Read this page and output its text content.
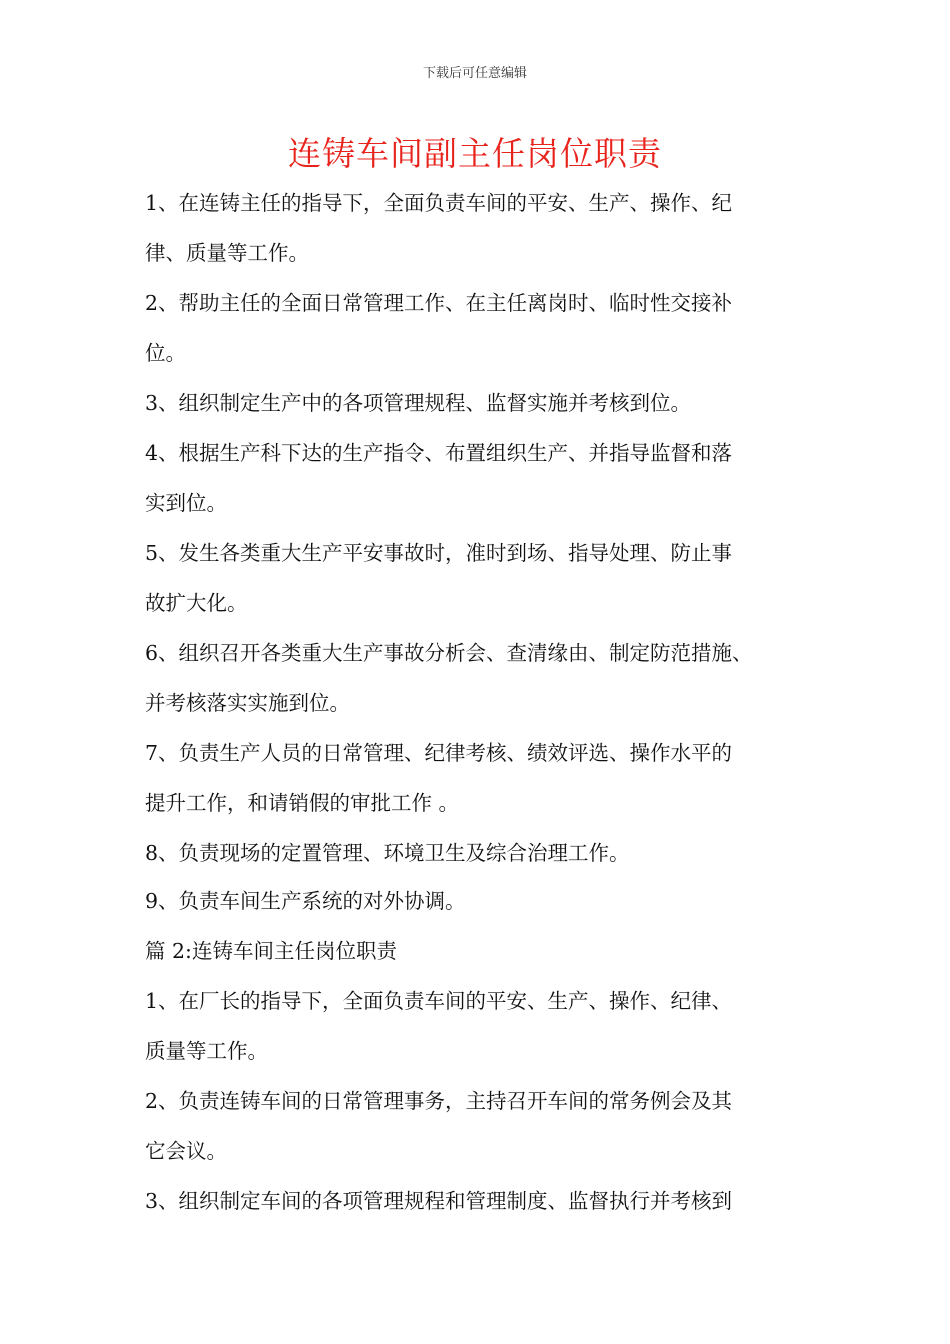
下载后可任意编辑
连铸车间副主任岗位职责
1、在连铸主任的指导下，全面负责车间的平安、生产、操作、纪
律、质量等工作。
2、帮助主任的全面日常管理工作、在主任离岗时、临时性交接补
位。
3、组织制定生产中的各项管理规程、监督实施并考核到位。
4、根据生产科下达的生产指令、布置组织生产、并指导监督和落
实到位。
5、发生各类重大生产平安事故时，准时到场、指导处理、防止事
故扩大化。
6、组织召开各类重大生产事故分析会、查清缘由、制定防范措施、
并考核落实实施到位。
7、负责生产人员的日常管理、纪律考核、绩效评选、操作水平的
提升工作，和请销假的审批工作 。
8、负责现场的定置管理、环境卫生及综合治理工作。
9、负责车间生产系统的对外协调。
篇 2:连铸车间主任岗位职责
1、在厂长的指导下，全面负责车间的平安、生产、操作、纪律、
质量等工作。
2、负责连铸车间的日常管理事务，主持召开车间的常务例会及其
它会议。
3、组织制定车间的各项管理规程和管理制度、监督执行并考核到
